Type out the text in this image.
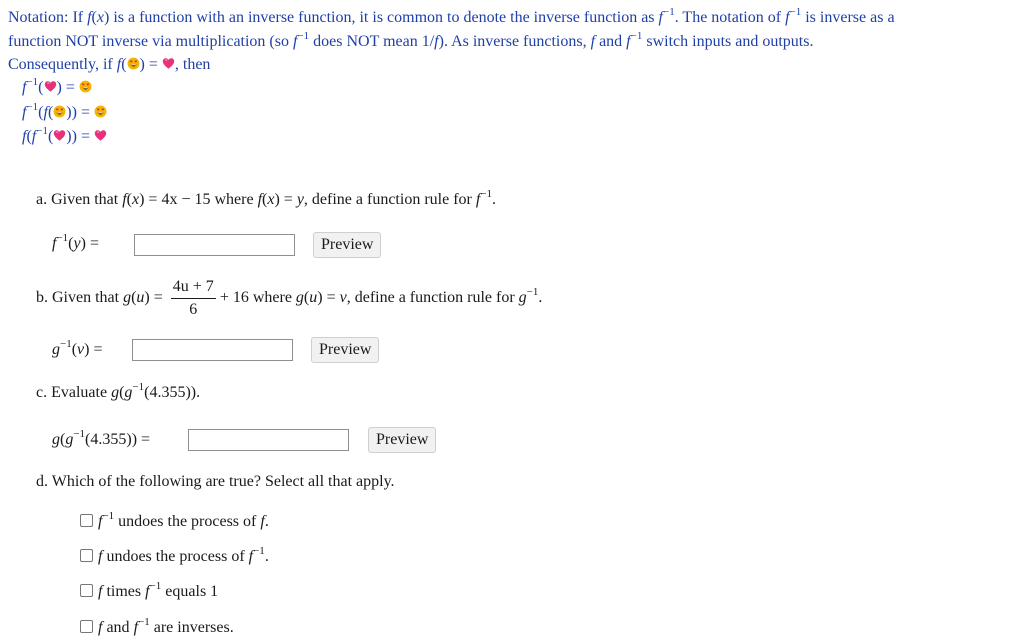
Notation: If f(x) is a function with an inverse function, it is common to denote the inverse function as $f^{-1}$. The notation of $f^{-1}$ is inverse as a
function NOT inverse via multiplication (so $f^{-1}$ does NOT mean 1/f). As inverse functions, f and $f^{-1}$ switch inputs and outputs.
Consequently, if f( ) = , then
$f^{-1}$( ) =
$f^{-1}(f$( )) =
$f(f^{-1}$( )) =
a. Given that f(x) = 4x − 15 where f(x) = y, define a function rule for $f^{-1}$.
$f^{-1}(y)$ =	Preview
b. Given that $g(u) = \frac{4u + 7}{6} + 16$ where g(u) = v, define a function rule for $g^{-1}$.
$g^{-1}(v)$ =	Preview
c. Evaluate $g(g^{-1}(4.355))$.
$g(g^{-1}(4.355))$ =	Preview
d. Which of the following are true? Select all that apply.
$f^{-1}$ undoes the process of f.
f undoes the process of $f^{-1}$.
f times $f^{-1}$ equals 1
f and $f^{-1}$ are inverses.
